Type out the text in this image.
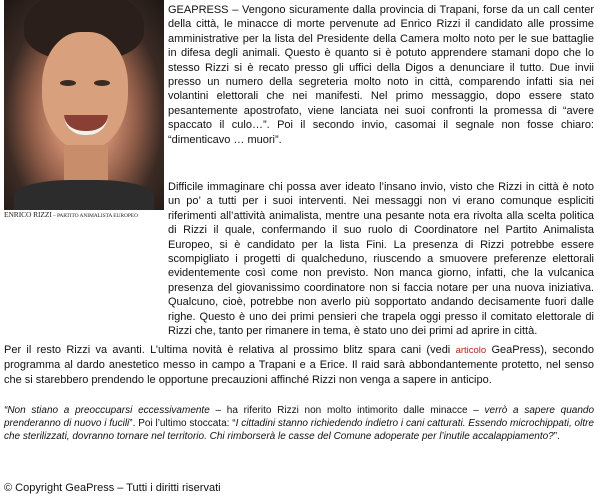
ENRICO RIZZI – PARTITO ANIMALISTA EUROPEO

GEAPRESS – Vengono sicuramente dalla provincia di Trapani, forse da un call center della città, le minacce di morte pervenute ad Enrico Rizzi il candidato alle prossime amministrative per la lista del Presidente della Camera molto noto per le sue battaglie in difesa degli animali. Questo è quanto si è potuto apprendere stamani dopo che lo stesso Rizzi si è recato presso gli uffici della Digos a denunciare il tutto. Due invii presso un numero della segreteria molto noto in città, comparendo infatti sia nei volantini elettorali che nei manifesti. Nel primo messaggio, dopo essere stato pesantemente apostrofato, viene lanciata nei suoi confronti la promessa di “avere spaccato il culo…”. Poi il secondo invio, casomai il segnale non fosse chiaro: “dimenticavo … muori”.

Difficile immaginare chi possa aver ideato l’insano invio, visto che Rizzi in città è noto un po’ a tutti per i suoi interventi. Nei messaggi non vi erano comunque espliciti riferimenti all’attività animalista, mentre una pesante nota era rivolta alla scelta politica di Rizzi il quale, confermando il suo ruolo di Coordinatore nel Partito Animalista Europeo, si è candidato per la lista Fini. La presenza di Rizzi potrebbe essere scompigliato i progetti di qualcheduno, riuscendo a smuovere preferenze elettorali evidentemente così come non previsto. Non manca giorno, infatti, che la vulcanica presenza del giovanissimo coordinatore non si faccia notare per una nuova iniziativa. Qualcuno, cioè, potrebbe non averlo più sopportato andando decisamente fuori dalle righe. Questo è uno dei primi pensieri che trapela oggi presso il comitato elettorale di Rizzi che, tanto per rimanere in tema, è stato uno dei primi ad aprire in città.

Per il resto Rizzi va avanti. L’ultima novità è relativa al prossimo blitz spara cani (vedi articolo GeaPress), secondo programma al dardo anestetico messo in campo a Trapani e a Erice. Il raid sarà abbondantemente protetto, nel senso che si starebbero prendendo le opportune precauzioni affinché Rizzi non venga a sapere in anticipo.

“Non stiano a preoccuparsi eccessivamente – ha riferito Rizzi non molto intimorito dalle minacce – verrò a sapere quando prenderanno di nuovo i fucili”. Poi l’ultimo stoccata: “I cittadini stanno richiedendo indietro i cani catturati. Essendo microchippati, oltre che sterilizzati, dovranno tornare nel territorio. Chi rimborserà le casse del Comune adoperate per l’inutile accalappiamento?”.

© Copyright GeaPress – Tutti i diritti riservati
